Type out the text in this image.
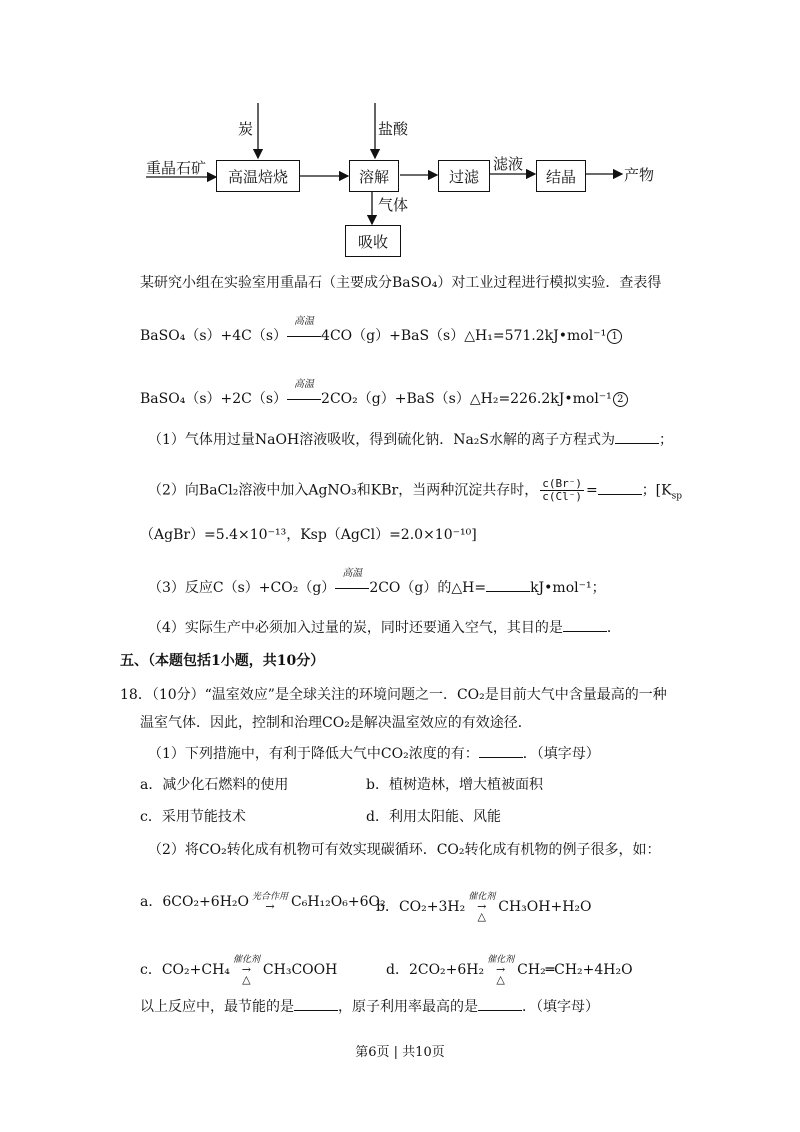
重晶石矿
炭	盐酸
高温焙烧	溶解	过滤	结晶
吸收
气体
滤液
产物
某研究小组在实验室用重晶石（主要成分BaSO₄）对工业过程进行模拟实验．查表得
BaSO₄（s）+4C（s）
高温
4CO（g）+BaS（s）△H₁=571.2kJ•mol⁻¹ 1
BaSO₄（s）+2C（s）
高温
2CO₂（g）+BaS（s）△H₂=226.2kJ•mol⁻¹ 2
（1）气体用过量NaOH溶液吸收，得到硫化钠．Na₂S水解的离子方程式为	；
（2）向BaCl₂溶液中加入AgNO₃和KBr，当两种沉淀共存时， $\frac{c(Br^-)}{c(Cl^-)}$ =	；[$K_{sp}$
（AgBr）=5.4×10⁻¹³，Ksp（AgCl）=2.0×10⁻¹⁰]
（3）反应C（s）+CO₂（g）
高温
2CO（g）的△H=	kJ•mol⁻¹；
（4）实际生产中必须加入过量的炭，同时还要通入空气，其目的是	．
五、（本题包括1小题，共10分）
18．（10分）“温室效应”是全球关注的环境问题之一．CO₂是目前大气中含量最高的一种
温室气体．因此，控制和治理CO₂是解决温室效应的有效途径．
（1）下列措施中，有利于降低大气中CO₂浓度的有：	．（填字母）
a．减少化石燃料的使用	b．植树造林，增大植被面积
c．采用节能技术	d．利用太阳能、风能
（2）将CO₂转化成有机物可有效实现碳循环．CO₂转化成有机物的例子很多，如：
a．6CO₂+6H₂O 光合作用
→ C₆H₁₂O₆+6O₂
b．CO₂+3H₂
催化剂
→
△
CH₃OH+H₂O
c．CO₂+CH₄
催化剂
→
△
CH₃COOH	d．2CO₂+6H₂
催化剂
→
△
CH₂═CH₂+4H₂O
以上反应中，最节能的是	，原子利用率最高的是	．（填字母）
第6页 | 共10页
